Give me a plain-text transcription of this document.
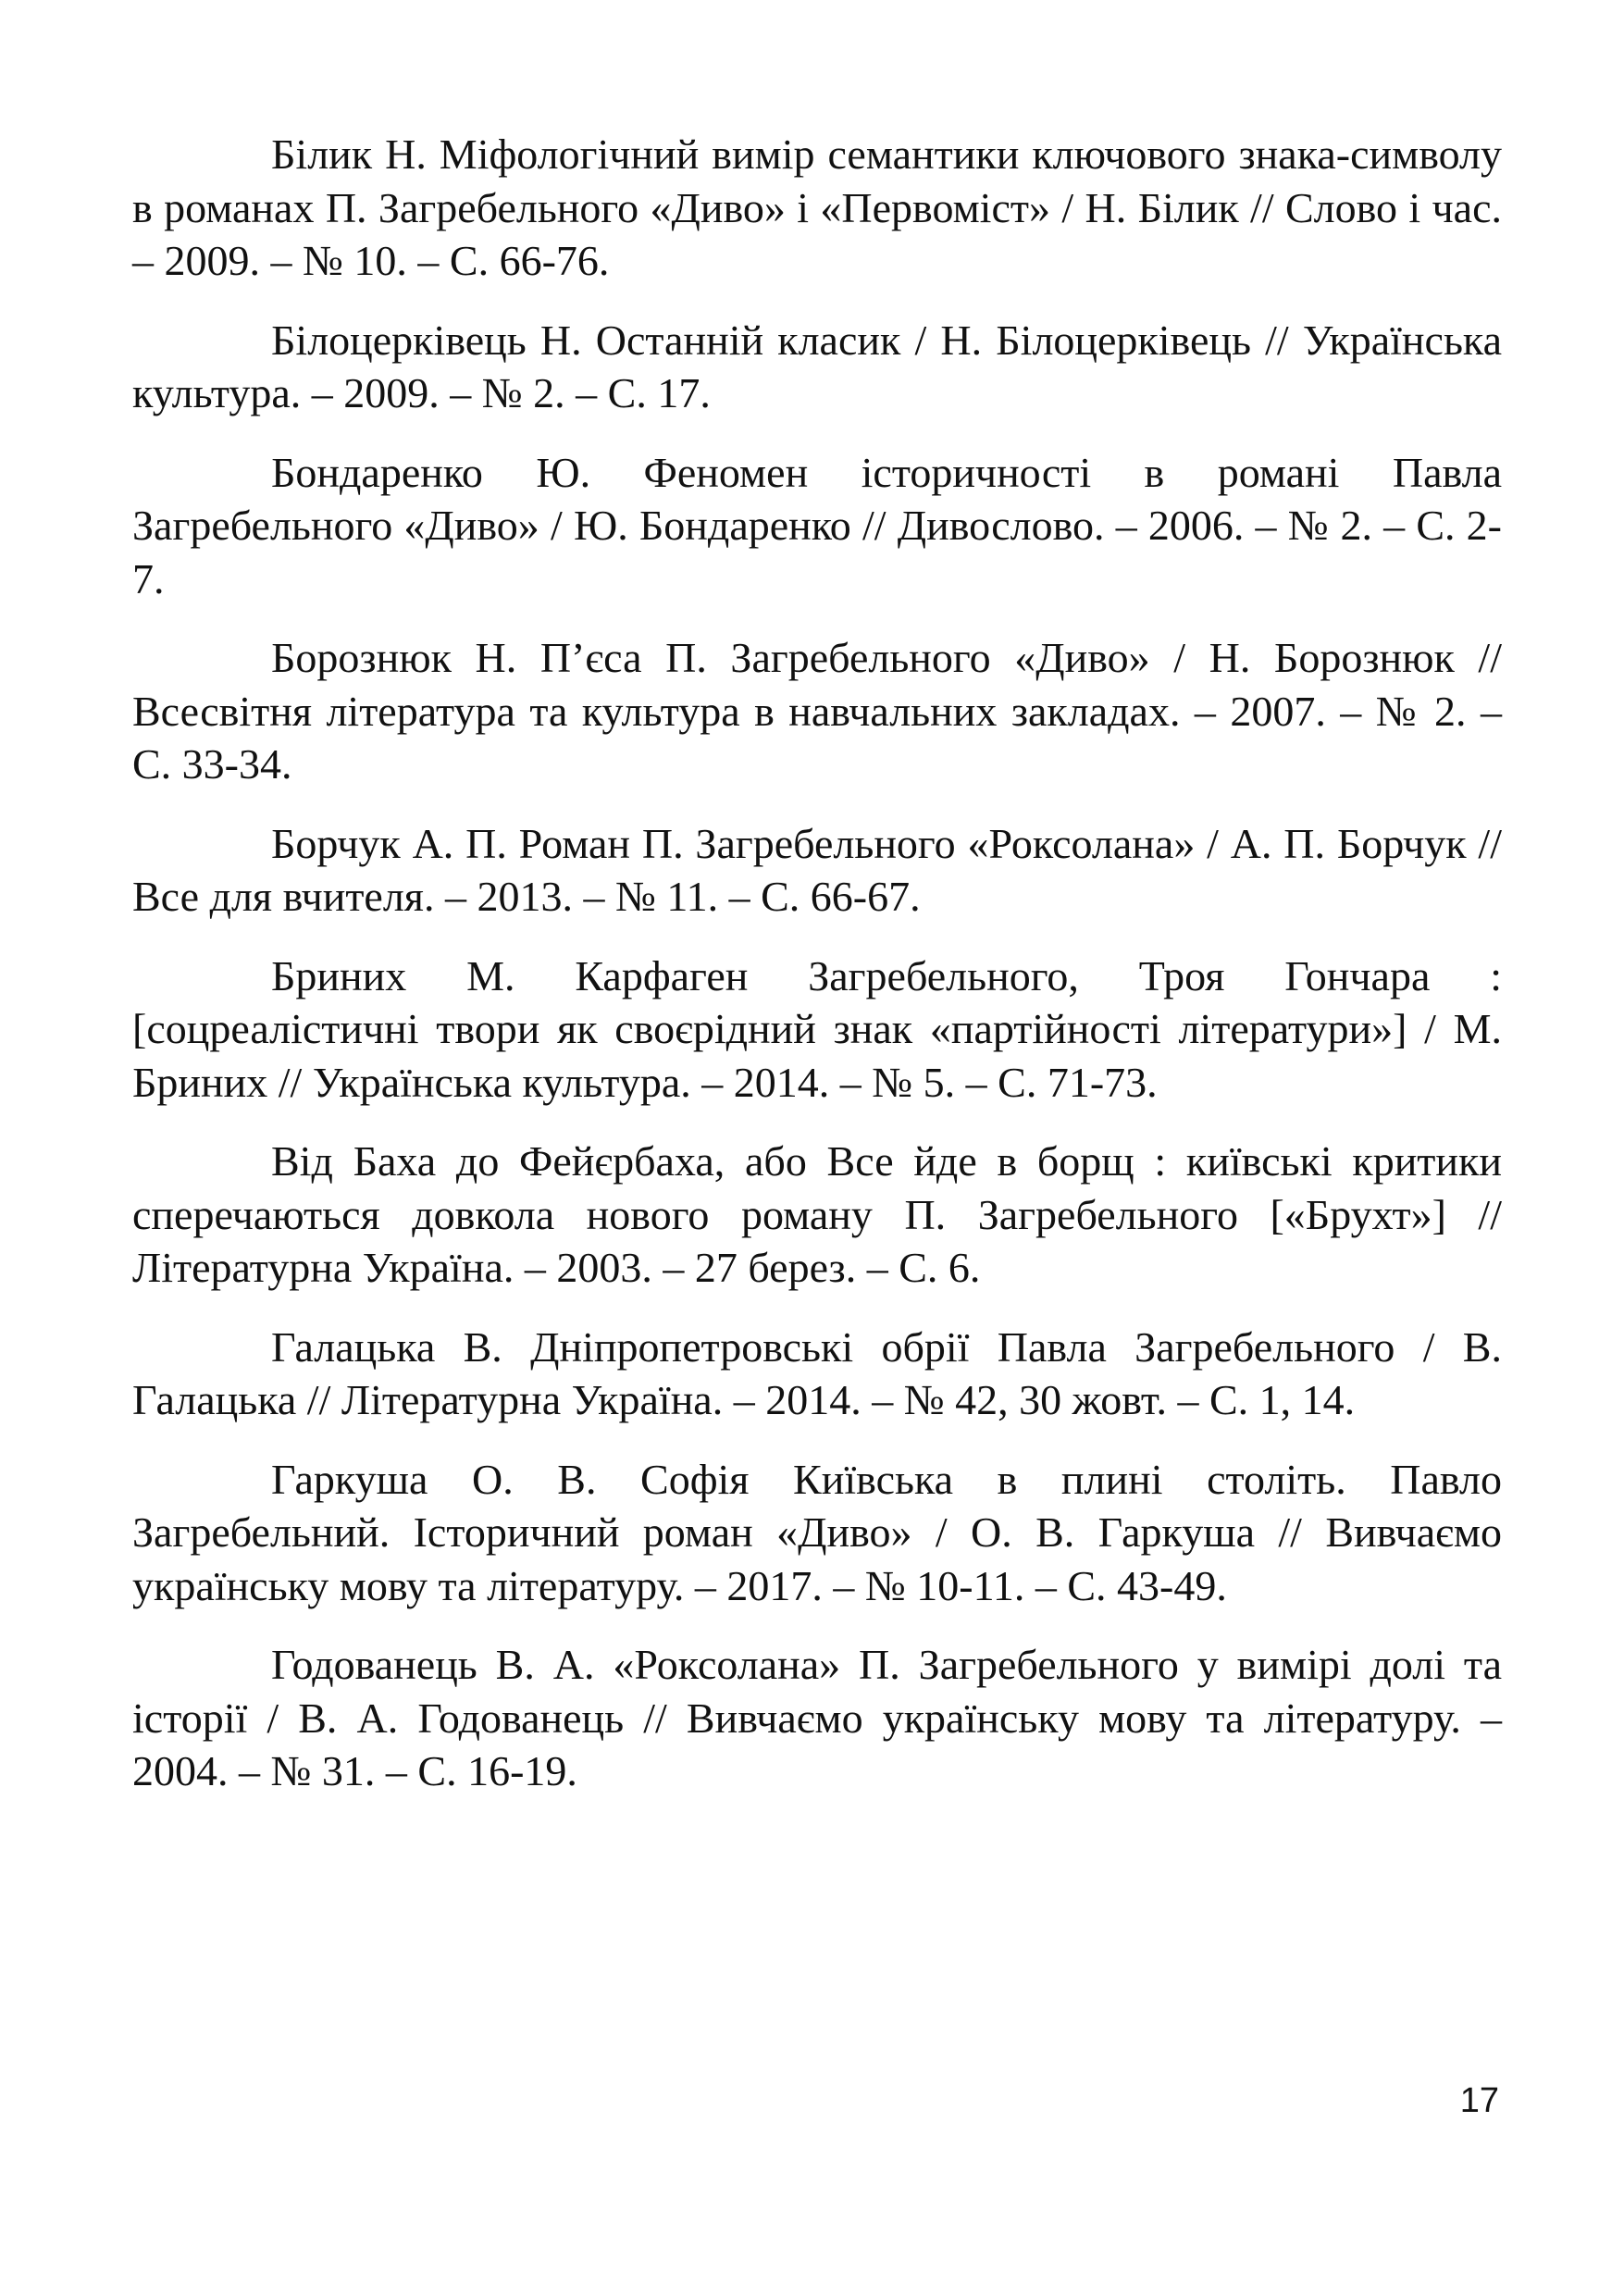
Білик Н. Міфологічний вимір семантики ключового знака-символу в романах П. Загребельного «Диво» і «Первоміст» / Н. Білик // Слово і час. – 2009. – № 10. – С. 66-76.

Білоцерківець Н. Останній класик / Н. Білоцерківець // Українська культура. – 2009. – № 2. – С. 17.

Бондаренко Ю. Феномен історичності в романі Павла Загребельного «Диво» / Ю. Бондаренко // Дивослово. – 2006. – № 2. – С. 2-7.

Борознюк Н. П’єса П. Загребельного «Диво» / Н. Борознюк // Всесвітня література та культура в навчальних закладах. – 2007. – № 2. – С. 33-34.

Борчук А. П. Роман П. Загребельного «Роксолана» / А. П. Борчук // Все для вчителя. – 2013. – № 11. – С. 66-67.

Бриних М. Карфаген Загребельного, Троя Гончара : [соцреалістичні твори як своєрідний знак «партійності літератури»] / М. Бриних // Українська культура. – 2014. – № 5. – С. 71-73.

Від Баха до Фейєрбаха, або Все йде в борщ : київські критики сперечаються довкола нового роману П. Загребельного [«Брухт»] // Літературна Україна. – 2003. – 27 берез. – С. 6.

Галацька В. Дніпропетровські обрії Павла Загребельного / В. Галацька // Літературна Україна. – 2014. – № 42, 30 жовт. – С. 1, 14.

Гаркуша О. В. Софія Київська в плині століть. Павло Загребельний. Історичний роман «Диво» / О. В. Гаркуша // Вивчаємо українську мову та літературу. – 2017. – № 10-11. – С. 43-49.

Годованець В. А. «Роксолана» П. Загребельного у вимірі долі та історії / В. А. Годованець // Вивчаємо українську мову та літературу. – 2004. – № 31. – С. 16-19.

17
